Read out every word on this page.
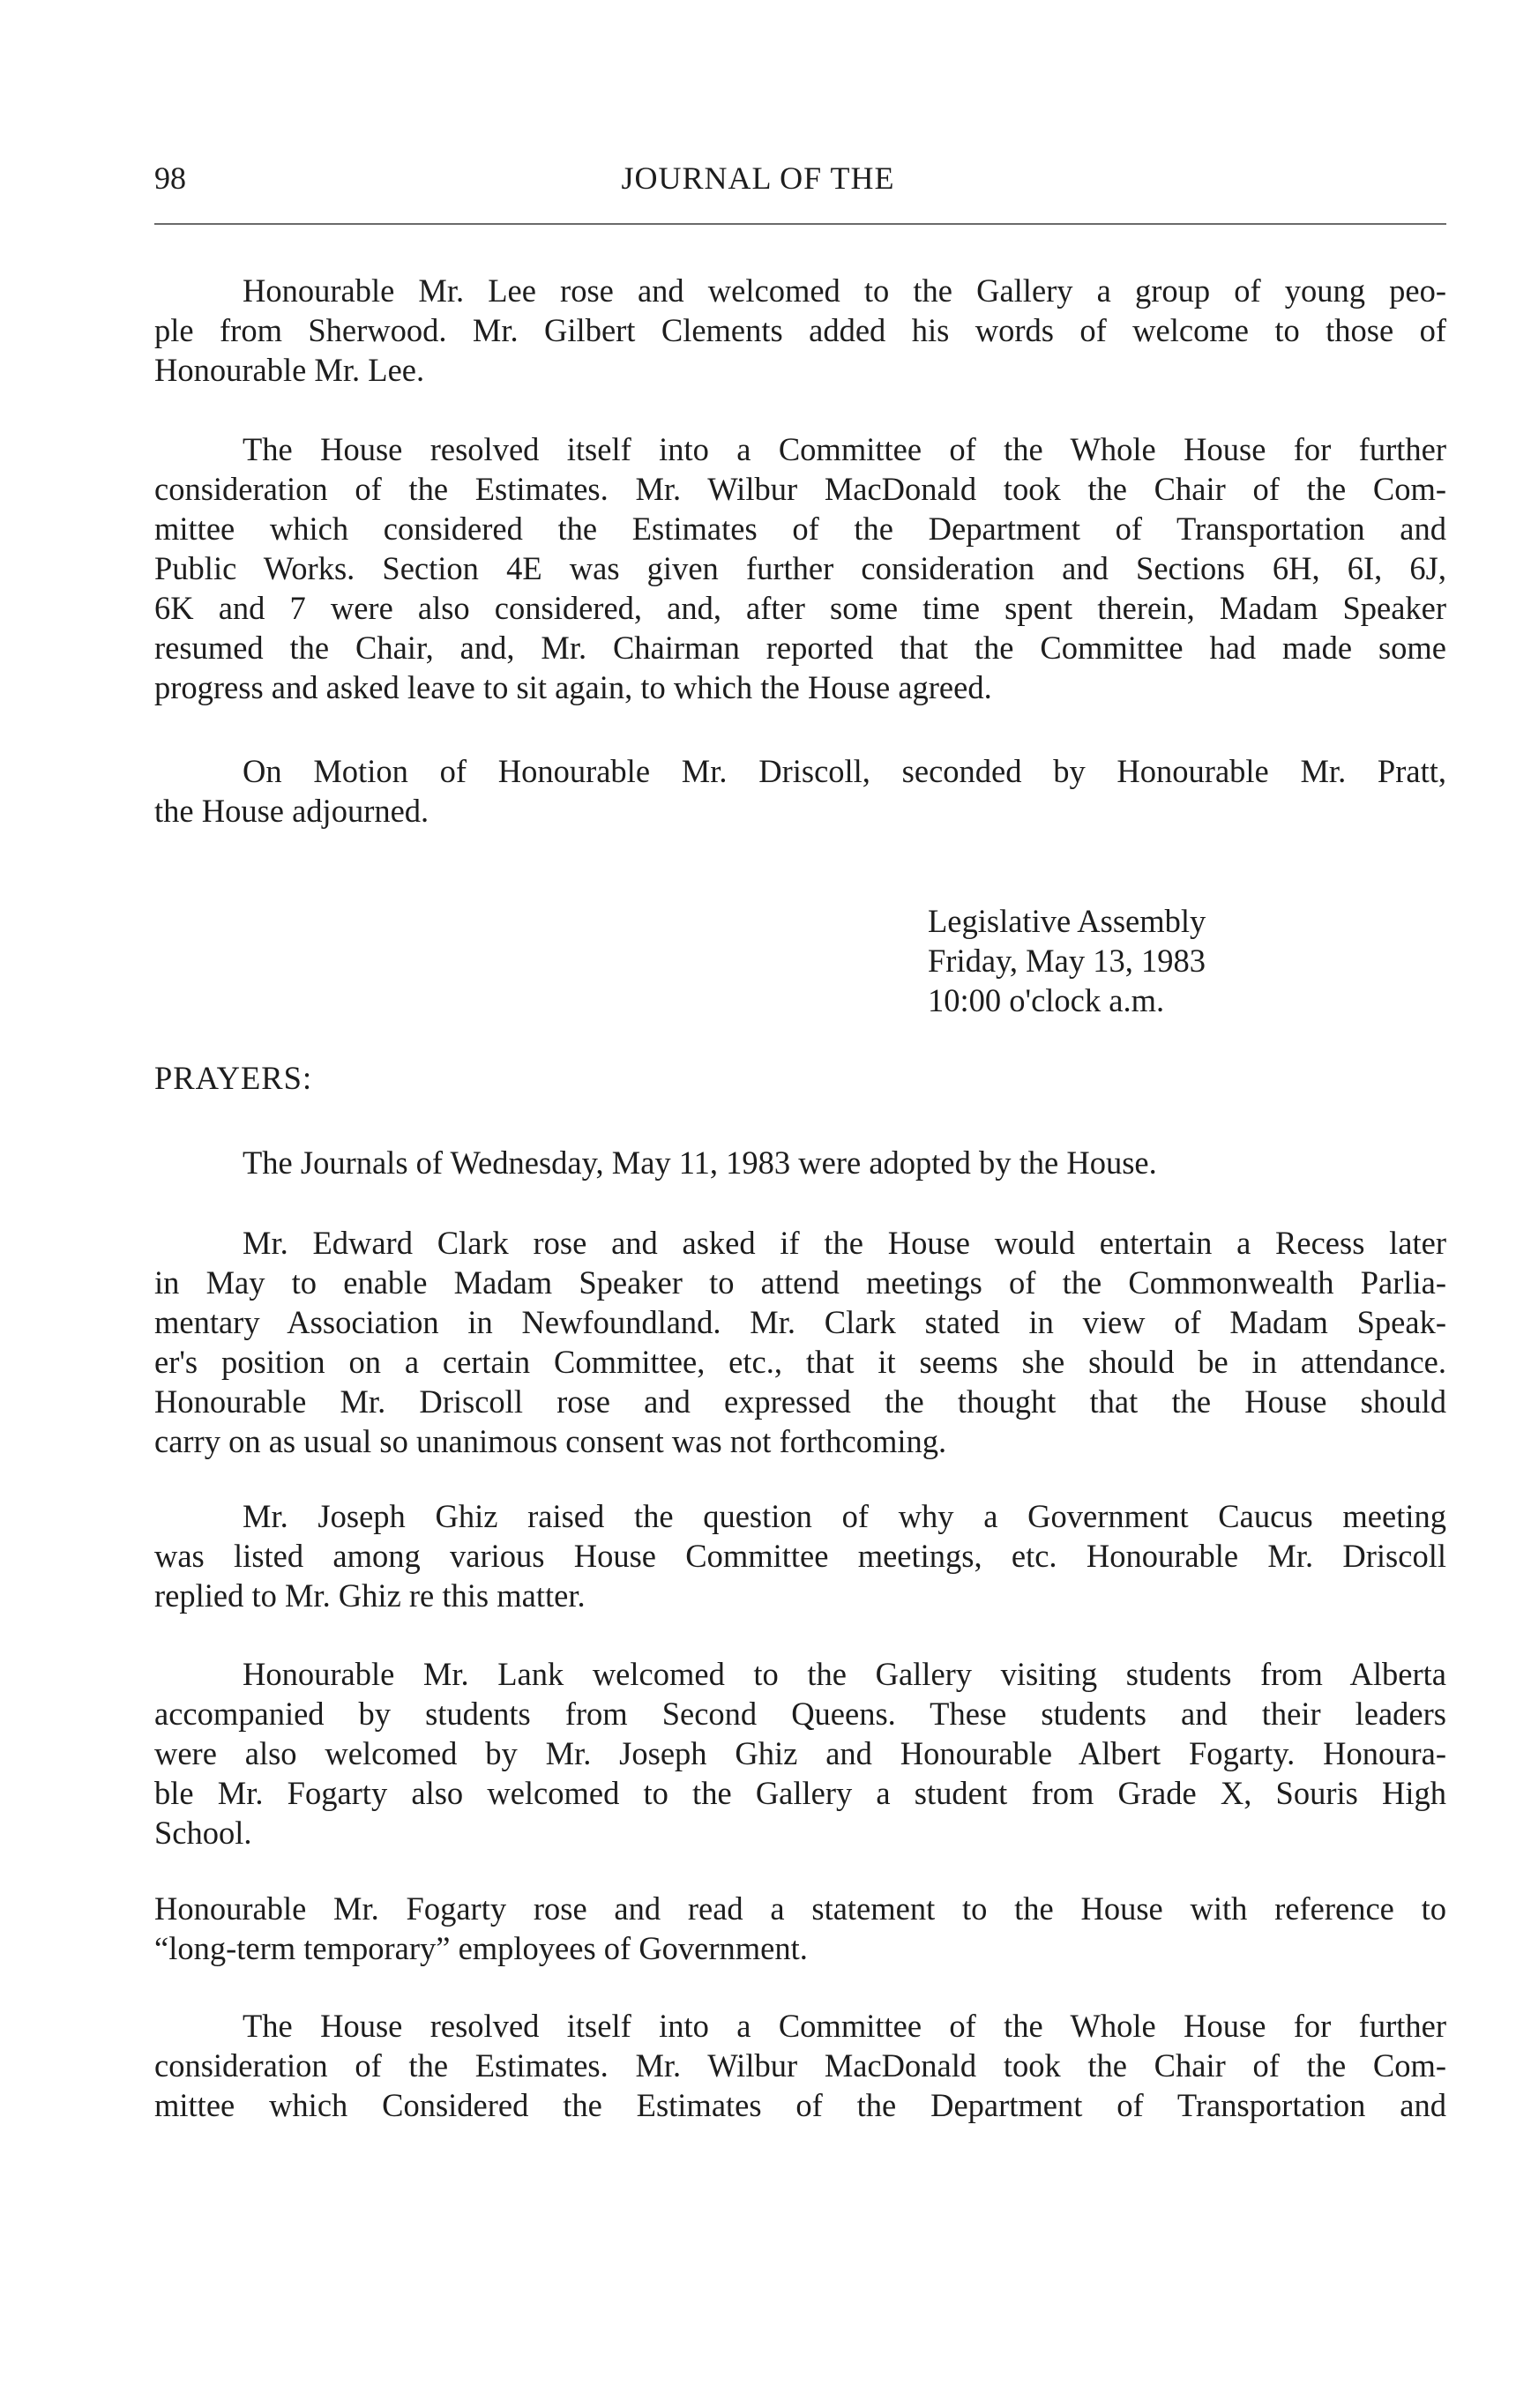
98	JOURNAL OF THE

Honourable Mr. Lee rose and welcomed to the Gallery a group of young peo-
ple from Sherwood. Mr. Gilbert Clements added his words of welcome to those of
Honourable Mr. Lee.

The House resolved itself into a Committee of the Whole House for further
consideration of the Estimates. Mr. Wilbur MacDonald took the Chair of the Com-
mittee which considered the Estimates of the Department of Transportation and
Public Works. Section 4E was given further consideration and Sections 6H, 6I, 6J,
6K and 7 were also considered, and, after some time spent therein, Madam Speaker
resumed the Chair, and, Mr. Chairman reported that the Committee had made some
progress and asked leave to sit again, to which the House agreed.

On Motion of Honourable Mr. Driscoll, seconded by Honourable Mr. Pratt,
the House adjourned.

Legislative Assembly
Friday, May 13, 1983
10:00 o'clock a.m.
PRAYERS:

The Journals of Wednesday, May 11, 1983 were adopted by the House.

Mr. Edward Clark rose and asked if the House would entertain a Recess later
in May to enable Madam Speaker to attend meetings of the Commonwealth Parlia-
mentary Association in Newfoundland. Mr. Clark stated in view of Madam Speak-
er's position on a certain Committee, etc., that it seems she should be in attendance.
Honourable Mr. Driscoll rose and expressed the thought that the House should
carry on as usual so unanimous consent was not forthcoming.

Mr. Joseph Ghiz raised the question of why a Government Caucus meeting
was listed among various House Committee meetings, etc. Honourable Mr. Driscoll
replied to Mr. Ghiz re this matter.

Honourable Mr. Lank welcomed to the Gallery visiting students from Alberta
accompanied by students from Second Queens. These students and their leaders
were also welcomed by Mr. Joseph Ghiz and Honourable Albert Fogarty. Honoura-
ble Mr. Fogarty also welcomed to the Gallery a student from Grade X, Souris High
School.

Honourable Mr. Fogarty rose and read a statement to the House with reference to
“long-term temporary” employees of Government.

The House resolved itself into a Committee of the Whole House for further
consideration of the Estimates. Mr. Wilbur MacDonald took the Chair of the Com-
mittee which Considered the Estimates of the Department of Transportation and
